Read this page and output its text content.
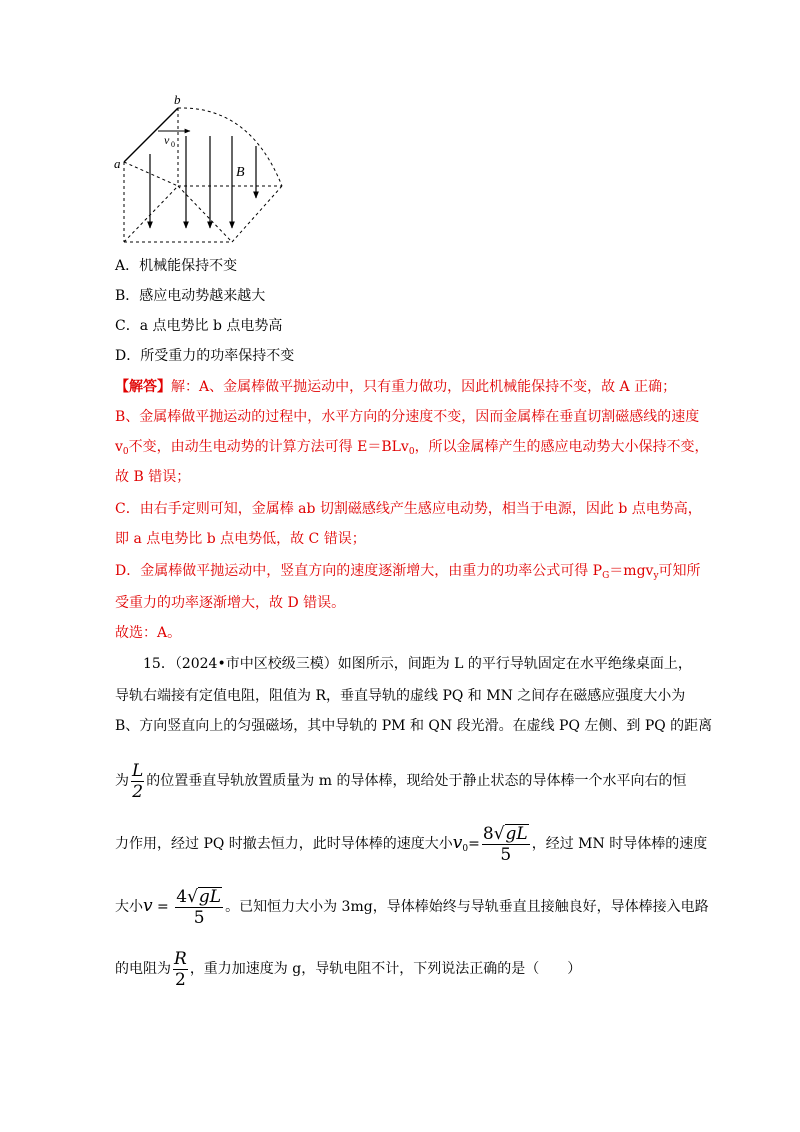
a
b
v 0
B
A．机械能保持不变
B．感应电动势越来越大
C．a 点电势比 b 点电势高
D．所受重力的功率保持不变
【解答】解：A、金属棒做平抛运动中，只有重力做功，因此机械能保持不变，故 A 正确；
B、金属棒做平抛运动的过程中，水平方向的分速度不变，因而金属棒在垂直切割磁感线的速度
$v_0$不变，由动生电动势的计算方法可得 E＝BLv$_0$，所以金属棒产生的感应电动势大小保持不变，
故 B 错误；
C．由右手定则可知，金属棒 ab 切割磁感线产生感应电动势，相当于电源，因此 b 点电势高，
即 a 点电势比 b 点电势低，故 C 错误；
D．金属棒做平抛运动中，竖直方向的速度逐渐增大，由重力的功率公式可得 $P_G=mgv_y$可知所
受重力的功率逐渐增大，故 D 错误。
故选：A。
15．（2024•市中区校级三模）如图所示，间距为 L 的平行导轨固定在水平绝缘桌面上，
导轨右端接有定值电阻，阻值为 R，垂直导轨的虚线 PQ 和 MN 之间存在磁感应强度大小为
B、方向竖直向上的匀强磁场，其中导轨的 PM 和 QN 段光滑。在虚线 PQ 左侧、到 PQ 的距离
为 $\frac{L}{2}$ 的位置垂直导轨放置质量为 m 的导体棒，现给处于静止状态的导体棒一个水平向右的恒
力作用，经过 PQ 时撤去恒力，此时导体棒的速度大小$v_0= \frac{8√ gL}{5}$ ，经过 MN 时导体棒的速度
大小$v = \frac{4√ gL}{5}$ 。已知恒力大小为 3mg，导体棒始终与导轨垂直且接触良好，导体棒接入电路
的电阻为 $\frac{R}{2}$ ，重力加速度为 g，导轨电阻不计，下列说法正确的是（　　）
